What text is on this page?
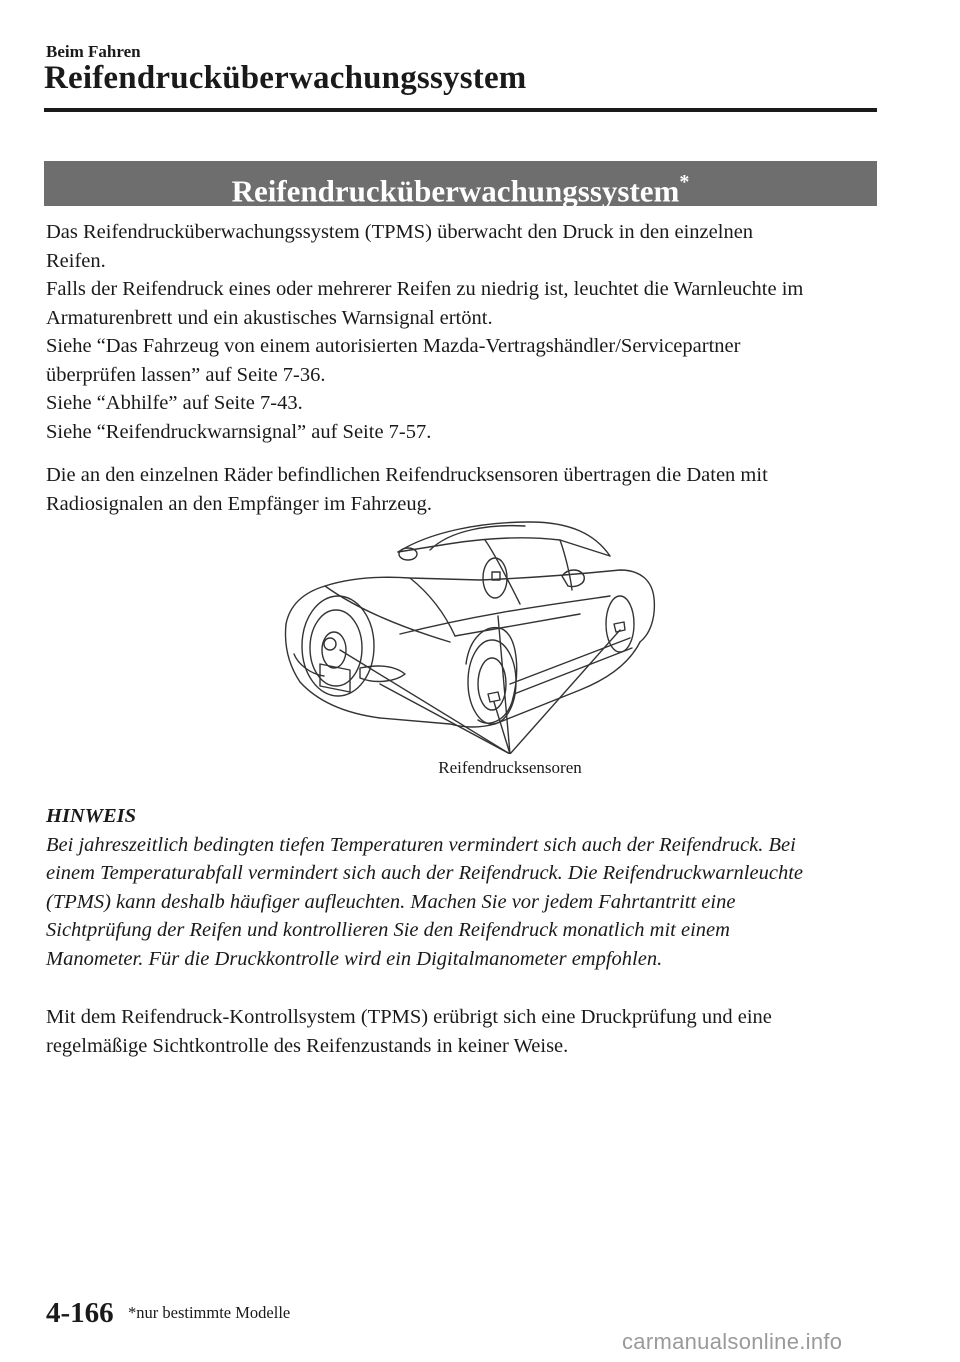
Beim Fahren
Reifendrucküberwachungssystem
Reifendrucküberwachungssystem*

Das Reifendrucküberwachungssystem (TPMS) überwacht den Druck in den einzelnen

Reifen.

Falls der Reifendruck eines oder mehrerer Reifen zu niedrig ist, leuchtet die Warnleuchte im

Armaturenbrett und ein akustisches Warnsignal ertönt.

Siehe “Das Fahrzeug von einem autorisierten Mazda-Vertragshändler/Servicepartner

überprüfen lassen” auf Seite 7-36.

Siehe “Abhilfe” auf Seite 7-43.

Siehe “Reifendruckwarnsignal” auf Seite 7-57.

Die an den einzelnen Räder befindlichen Reifendrucksensoren übertragen die Daten mit

Radiosignalen an den Empfänger im Fahrzeug.

Reifendrucksensoren

HINWEIS

Bei jahreszeitlich bedingten tiefen Temperaturen vermindert sich auch der Reifendruck. Bei

einem Temperaturabfall vermindert sich auch der Reifendruck. Die Reifendruckwarnleuchte

(TPMS) kann deshalb häufiger aufleuchten. Machen Sie vor jedem Fahrtantritt eine

Sichtprüfung der Reifen und kontrollieren Sie den Reifendruck monatlich mit einem

Manometer. Für die Druckkontrolle wird ein Digitalmanometer empfohlen.

Mit dem Reifendruck-Kontrollsystem (TPMS) erübrigt sich eine Druckprüfung und eine

regelmäßige Sichtkontrolle des Reifenzustands in keiner Weise.

4-166 *nur bestimmte Modelle
carmanualsonline.info
